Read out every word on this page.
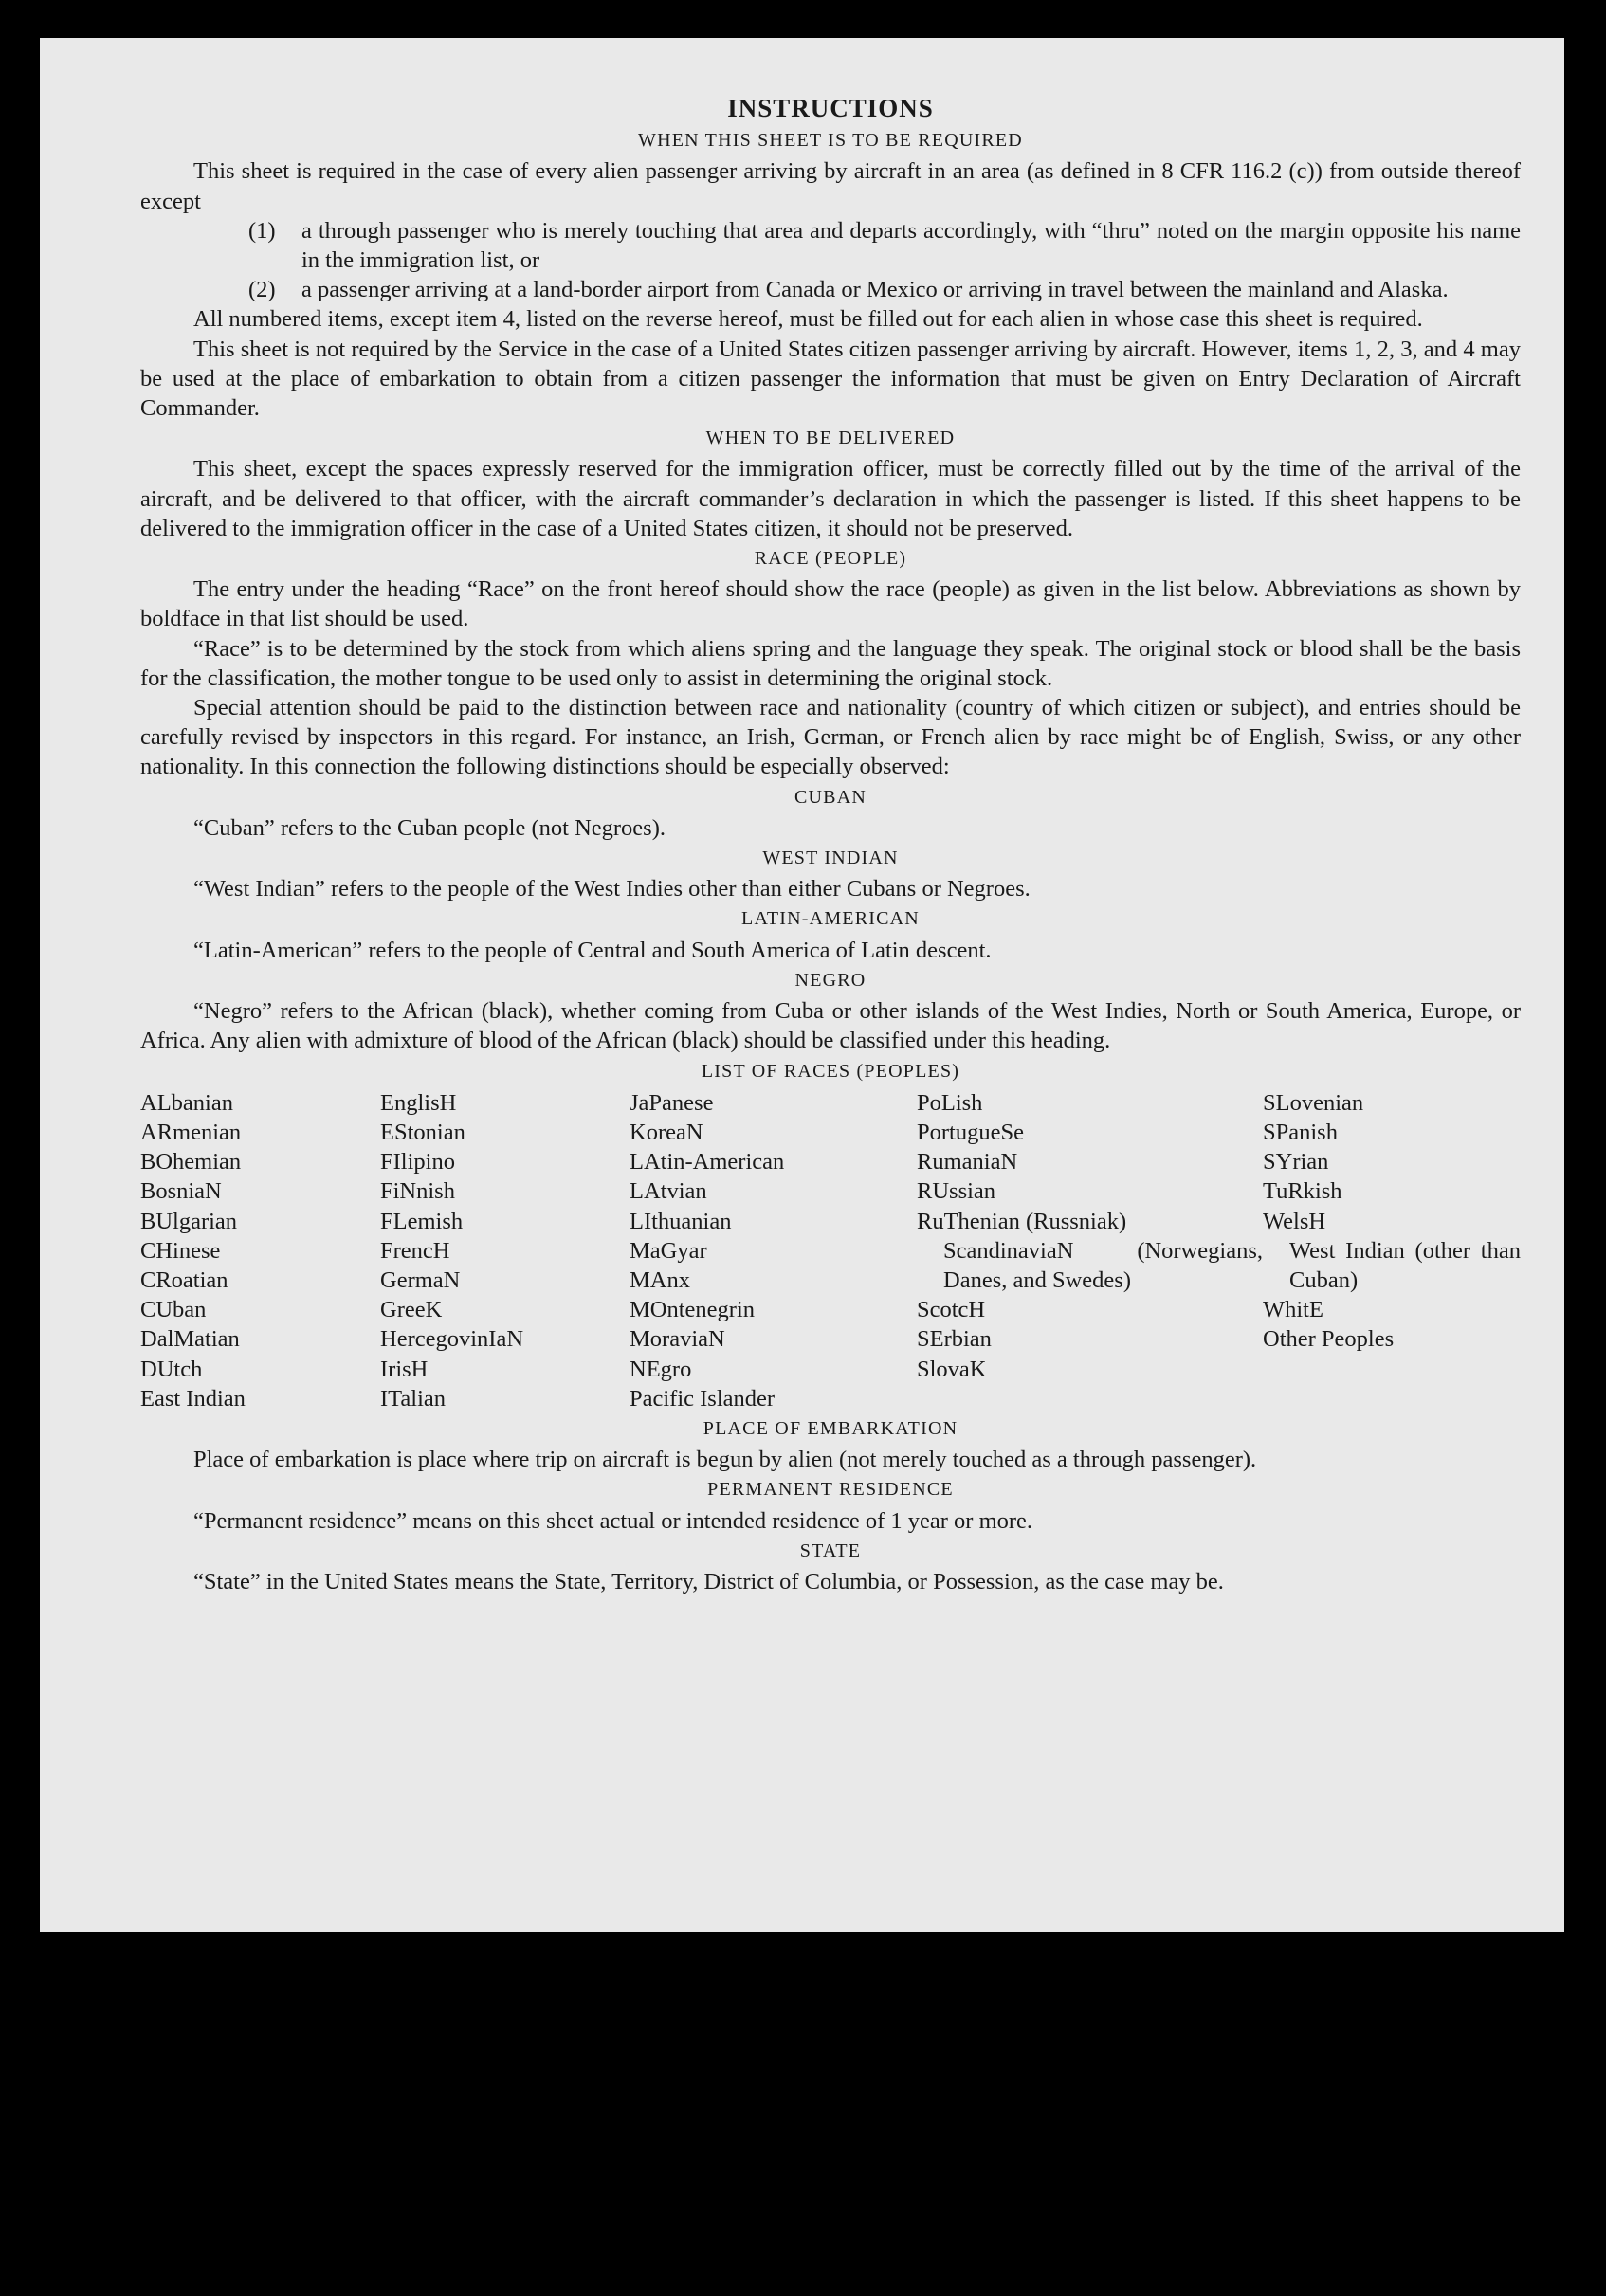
INSTRUCTIONS
WHEN THIS SHEET IS TO BE REQUIRED

This sheet is required in the case of every alien passenger arriving by aircraft in an area (as defined in 8 CFR 116.2 (c)) from outside thereof except

(1)	a through passenger who is merely touching that area and departs accordingly, with “thru” noted on the margin opposite his name in the immigration list, or
(2)	a passenger arriving at a land-border airport from Canada or Mexico or arriving in travel between the mainland and Alaska.

All numbered items, except item 4, listed on the reverse hereof, must be filled out for each alien in whose case this sheet is required.

This sheet is not required by the Service in the case of a United States citizen passenger arriving by aircraft. However, items 1, 2, 3, and 4 may be used at the place of embarkation to obtain from a citizen passenger the information that must be given on Entry Declaration of Aircraft Commander.

WHEN TO BE DELIVERED

This sheet, except the spaces expressly reserved for the immigration officer, must be correctly filled out by the time of the arrival of the aircraft, and be delivered to that officer, with the aircraft commander’s declaration in which the passenger is listed. If this sheet happens to be delivered to the immigration officer in the case of a United States citizen, it should not be preserved.

RACE (PEOPLE)

The entry under the heading “Race” on the front hereof should show the race (people) as given in the list below. Abbreviations as shown by boldface in that list should be used.

“Race” is to be determined by the stock from which aliens spring and the language they speak. The original stock or blood shall be the basis for the classification, the mother tongue to be used only to assist in determining the original stock.

Special attention should be paid to the distinction between race and nationality (country of which citizen or subject), and entries should be carefully revised by inspectors in this regard. For instance, an Irish, German, or French alien by race might be of English, Swiss, or any other nationality. In this connection the following distinctions should be especially observed:

CUBAN

“Cuban” refers to the Cuban people (not Negroes).

WEST INDIAN

“West Indian” refers to the people of the West Indies other than either Cubans or Negroes.

LATIN-AMERICAN

“Latin-American” refers to the people of Central and South America of Latin descent.

NEGRO

“Negro” refers to the African (black), whether coming from Cuba or other islands of the West Indies, North or South America, Europe, or Africa. Any alien with admixture of blood of the African (black) should be classified under this heading.

LIST OF RACES (PEOPLES)
ALbanian
ARmenian
BOhemian
BosniaN
BUlgarian
CHinese
CRoatian
CUban
DalMatian
DUtch
East Indian
EnglisH
EStonian
FIlipino
FiNnish
FLemish
FrencH
GermaN
GreeK
HercegovinIaN
IrisH
ITalian
JaPanese
KoreaN
LAtin-American
LAtvian
LIthuanian
MaGyar
MAnx
MOntenegrin
MoraviaN
NEgro
Pacific Islander
PoLish
PortugueSe
RumaniaN
RUssian
RuThenian (Russniak)
ScandinaviaN (Norwegians, Danes, and Swedes)
ScotcH
SErbian
SlovaK
SLovenian
SPanish
SYrian
TuRkish
WelsH
West Indian (other than Cuban)
WhitE
Other Peoples
PLACE OF EMBARKATION

Place of embarkation is place where trip on aircraft is begun by alien (not merely touched as a through passenger).

PERMANENT RESIDENCE

“Permanent residence” means on this sheet actual or intended residence of 1 year or more.

STATE

“State” in the United States means the State, Territory, District of Columbia, or Possession, as the case may be.
